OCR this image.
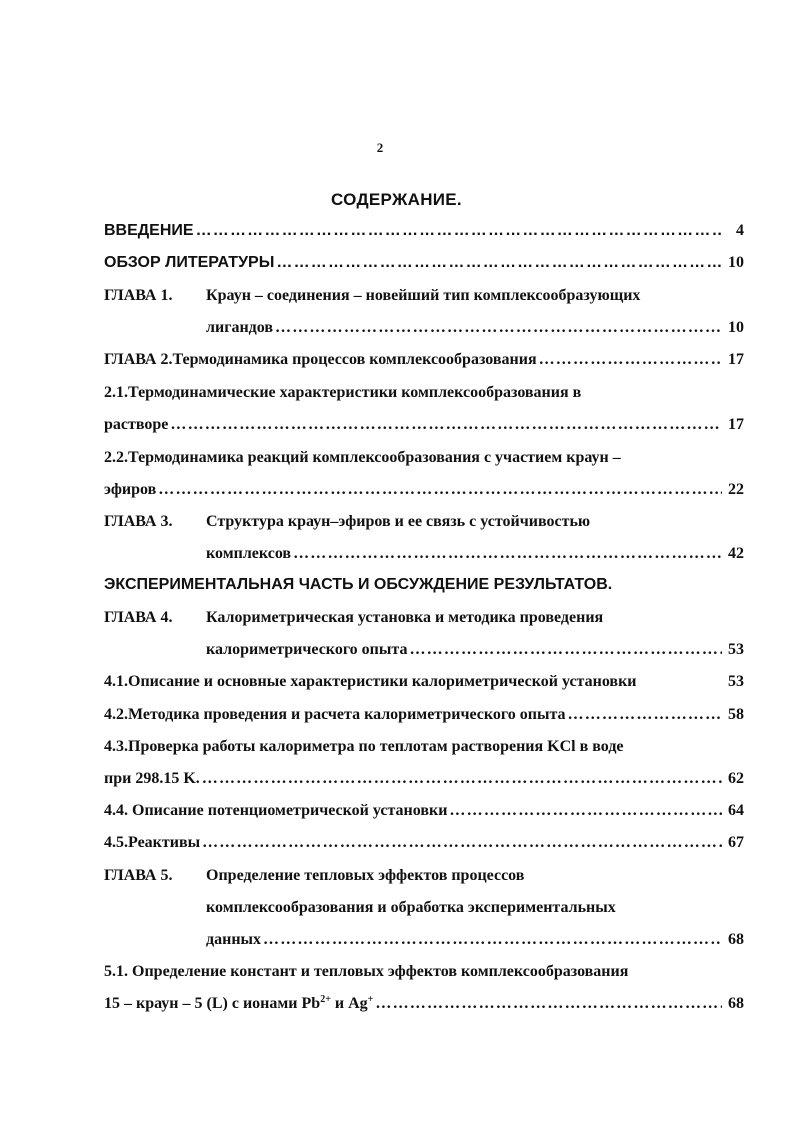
2
СОДЕРЖАНИЕ.
ВВЕДЕНИЕ ………………………………………………………………………………………………………………………………………………………………………………………………	4
ОБЗОР ЛИТЕРАТУРЫ ………………………………………………………………………………………………………………………………………………………………………………………………	10
ГЛАВА 1.	Краун – соединения – новейший тип комплексообразующих
лигандов ………………………………………………………………………………………………………………………………………………………………………………………………	10
ГЛАВА 2. Термодинамика процессов комплексообразования ………………………………………………………………………………………………………………………………………………………………………………………………	17
2.1.Термодинамические характеристики комплексообразования в
растворе ………………………………………………………………………………………………………………………………………………………………………………………………	17
2.2.Термодинамика реакций комплексообразования с участием краун –
эфиров ………………………………………………………………………………………………………………………………………………………………………………………………	22
ГЛАВА 3.	Структура краун–эфиров и ее связь с устойчивостью
комплексов ………………………………………………………………………………………………………………………………………………………………………………………………	42
ЭКСПЕРИМЕНТАЛЬНАЯ ЧАСТЬ И ОБСУЖДЕНИЕ РЕЗУЛЬТАТОВ.
ГЛАВА 4.	Калориметрическая установка и методика проведения
калориметрического опыта ………………………………………………………………………………………………………………………………………………………………………………………………	53
4.1.Описание и основные характеристики калориметрической установки	53
4.2.Методика проведения и расчета калориметрического опыта ………………………………………………………………………………………………………………………………………………………………………………………………	58
4.3.Проверка работы калориметра по теплотам растворения KCl в воде
при 298.15 K. ………………………………………………………………………………………………………………………………………………………………………………………………	62
4.4. Описание потенциометрической установки ………………………………………………………………………………………………………………………………………………………………………………………………	64
4.5.Реактивы ………………………………………………………………………………………………………………………………………………………………………………………………	67
ГЛАВА 5.	Определение тепловых эффектов процессов
комплексообразования и обработка экспериментальных
данных ………………………………………………………………………………………………………………………………………………………………………………………………	68
5.1. Определение констант и тепловых эффектов комплексообразования
15 – краун – 5 (L) с ионами $Pb^{2+}$ и Ag+ ………………………………………………………………………………………………………………………………………………………………………………………………	68
